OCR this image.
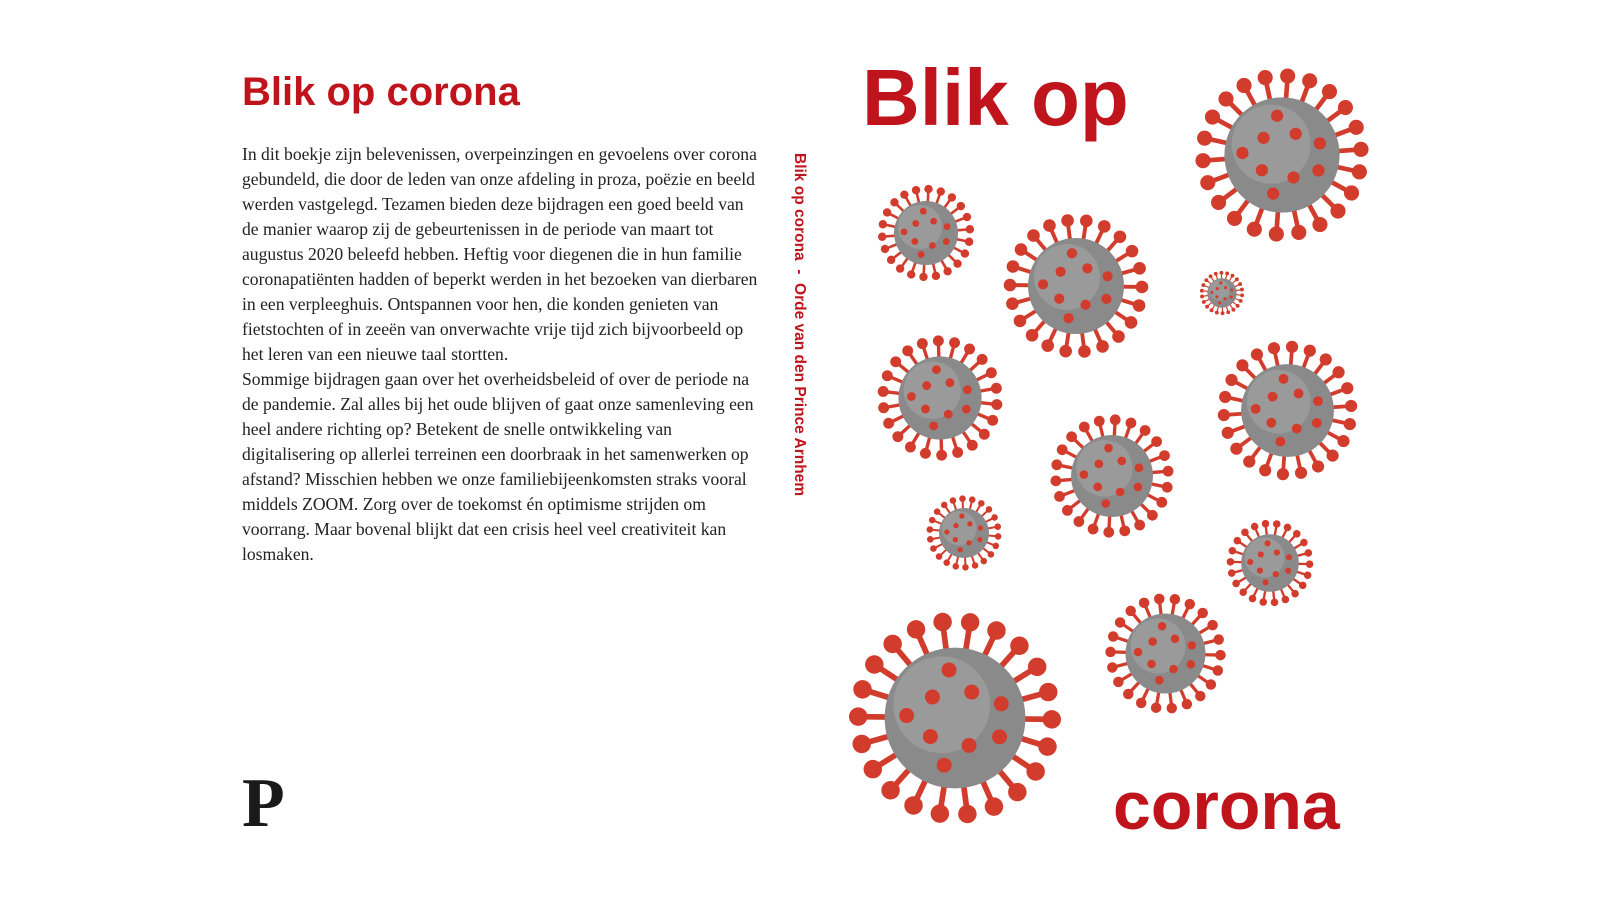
Blik op corona

In dit boekje zijn belevenissen, overpeinzingen en gevoelens over corona gebundeld, die door de leden van onze afdeling in proza, poëzie en beeld werden vastgelegd. Tezamen bieden deze bijdragen een goed beeld van de manier waarop zij de gebeurtenissen in de periode van maart tot augustus 2020 beleefd hebben. Heftig voor diegenen die in hun familie coronapatiënten hadden of beperkt werden in het bezoeken van dierbaren in een verpleeghuis. Ontspannen voor hen, die konden genieten van fietstochten of in zeeën van onverwachte vrije tijd zich bijvoorbeeld op het leren van een nieuwe taal stortten.

Sommige bijdragen gaan over het overheidsbeleid of over de periode na de pandemie. Zal alles bij het oude blijven of gaat onze samenleving een heel andere richting op? Betekent de snelle ontwikkeling van digitalisering op allerlei terreinen een doorbraak in het samenwerken op afstand? Misschien hebben we onze familiebijeenkomsten straks vooral middels ZOOM. Zorg over de toekomst én optimisme strijden om voorrang. Maar bovenal blijkt dat een crisis heel veel creativiteit kan losmaken.

P
Blik op corona  -  Orde van den Prince Arnhem
Blik op
corona
